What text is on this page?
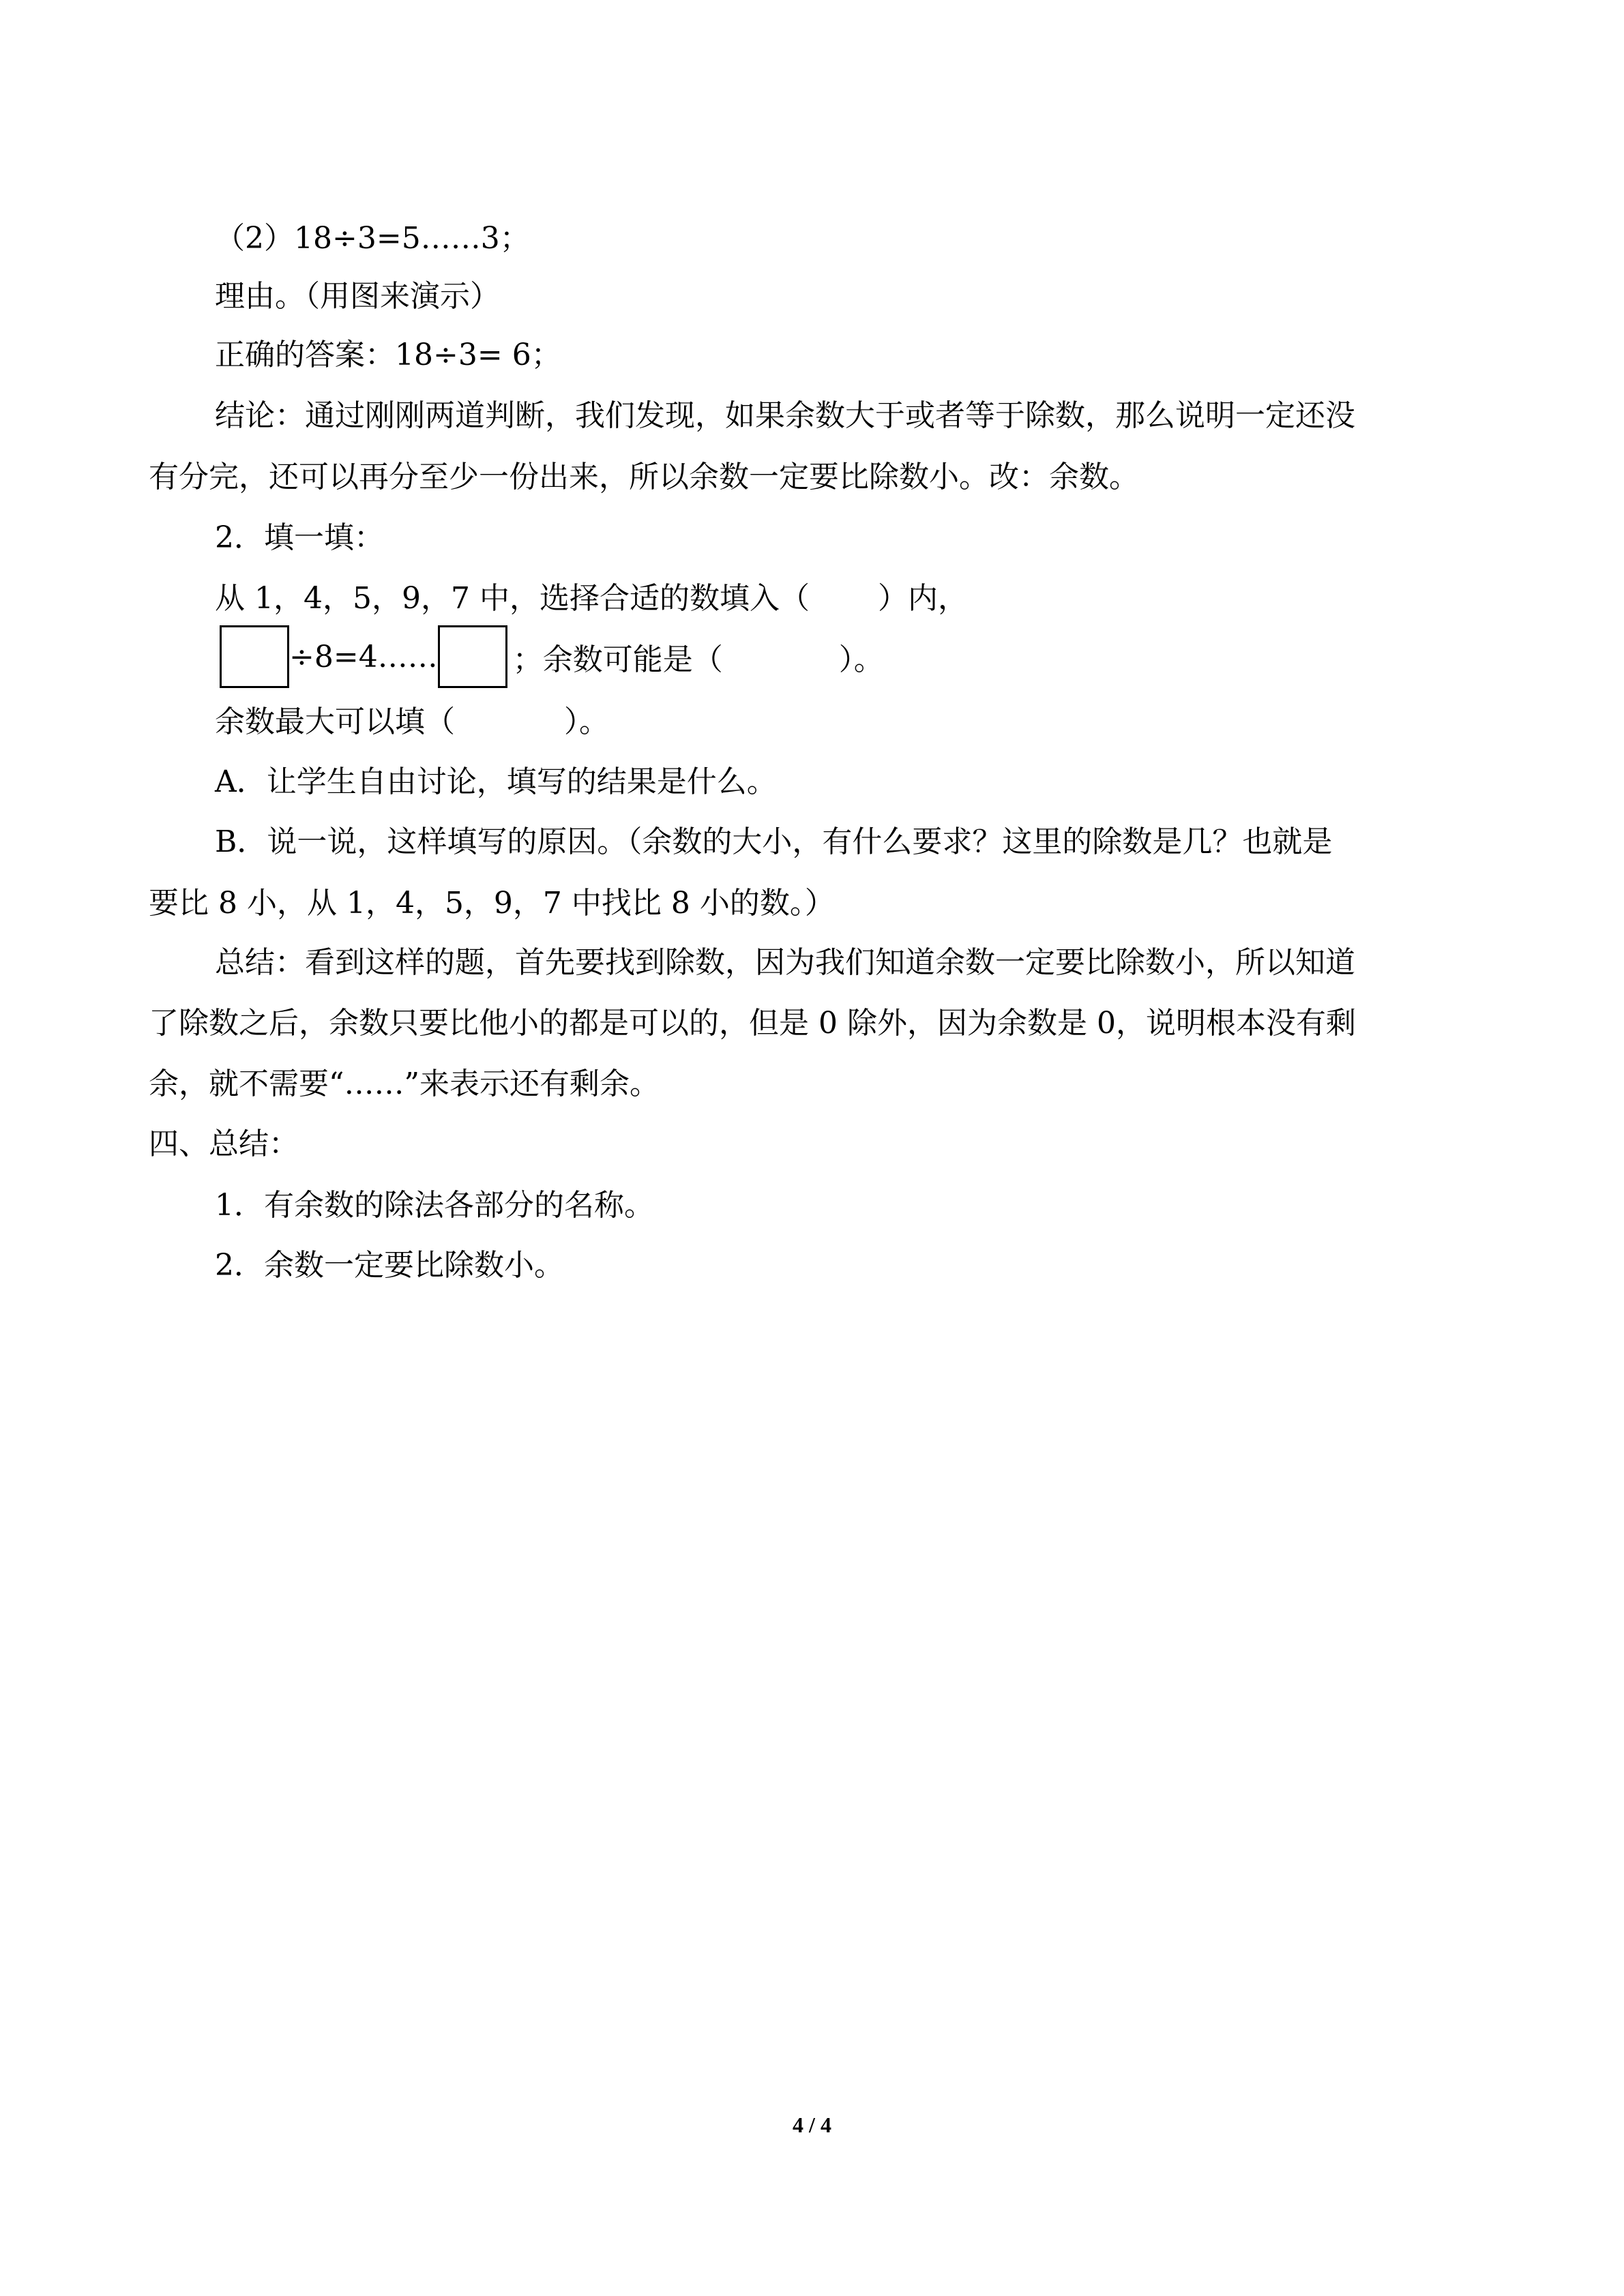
（2）18÷3=5……3；
理由。（用图来演示）
正确的答案：18÷3= 6；
结论：通过刚刚两道判断，我们发现，如果余数大于或者等于除数，那么说明一定还没
有分完，还可以再分至少一份出来，所以余数一定要比除数小。改：余数。
2．填一填：
从 1，4，5，9，7 中，选择合适的数填入（ ）内，
÷8=4……	；余数可能是（	）。
余数最大可以填（	）。
A．让学生自由讨论，填写的结果是什么。
B．说一说，这样填写的原因。（余数的大小，有什么要求？这里的除数是几？也就是
要比 8 小，从 1，4，5，9，7 中找比 8 小的数。）
总结：看到这样的题，首先要找到除数，因为我们知道余数一定要比除数小，所以知道
了除数之后，余数只要比他小的都是可以的，但是 0 除外，因为余数是 0，说明根本没有剩
余，就不需要“……”来表示还有剩余。
四、总结：
1．有余数的除法各部分的名称。
2．余数一定要比除数小。
4 / 4
